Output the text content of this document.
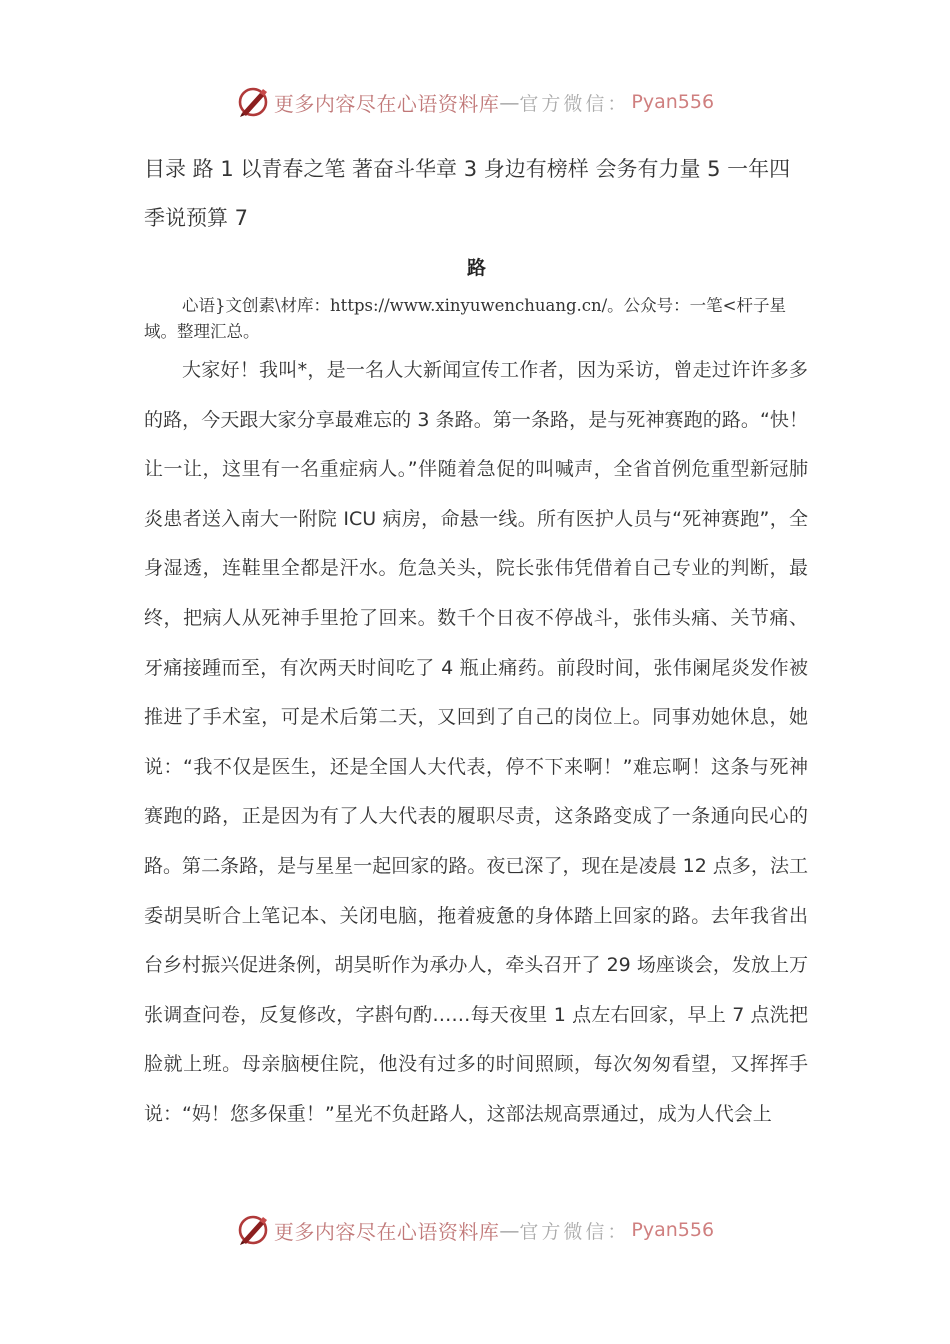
更多内容尽在心语资料库 — 官方微信： Pyan556
目录 路 1 以青春之笔 著奋斗华章 3 身边有榜样 会务有力量 5 一年四季说预算 7
路
心语}文创素\材库：https://www.xinyuwenchuang.cn/。公众号：一笔<杆子星域。整理汇总。
大家好！我叫*，是一名人大新闻宣传工作者，因为采访，曾走过许许多多的路，今天跟大家分享最难忘的 3 条路。第一条路，是与死神赛跑的路。“快！让一让，这里有一名重症病人。”伴随着急促的叫喊声，全省首例危重型新冠肺炎患者送入南大一附院 ICU 病房，命悬一线。所有医护人员与“死神赛跑”，全身湿透，连鞋里全都是汗水。危急关头，院长张伟凭借着自己专业的判断，最终，把病人从死神手里抢了回来。数千个日夜不停战斗，张伟头痛、关节痛、牙痛接踵而至，有次两天时间吃了 4 瓶止痛药。前段时间，张伟阑尾炎发作被推进了手术室，可是术后第二天，又回到了自己的岗位上。同事劝她休息，她说：“我不仅是医生，还是全国人大代表，停不下来啊！”难忘啊！这条与死神赛跑的路，正是因为有了人大代表的履职尽责，这条路变成了一条通向民心的路。第二条路，是与星星一起回家的路。夜已深了，现在是凌晨 12 点多，法工委胡昊昕合上笔记本、关闭电脑，拖着疲惫的身体踏上回家的路。去年我省出台乡村振兴促进条例，胡昊昕作为承办人，牵头召开了 29 场座谈会，发放上万张调查问卷，反复修改，字斟句酌……每天夜里 1 点左右回家，早上 7 点洗把脸就上班。母亲脑梗住院，他没有过多的时间照顾，每次匆匆看望，又挥挥手说：“妈！您多保重！”星光不负赶路人，这部法规高票通过，成为人代会上
更多内容尽在心语资料库 — 官方微信： Pyan556
